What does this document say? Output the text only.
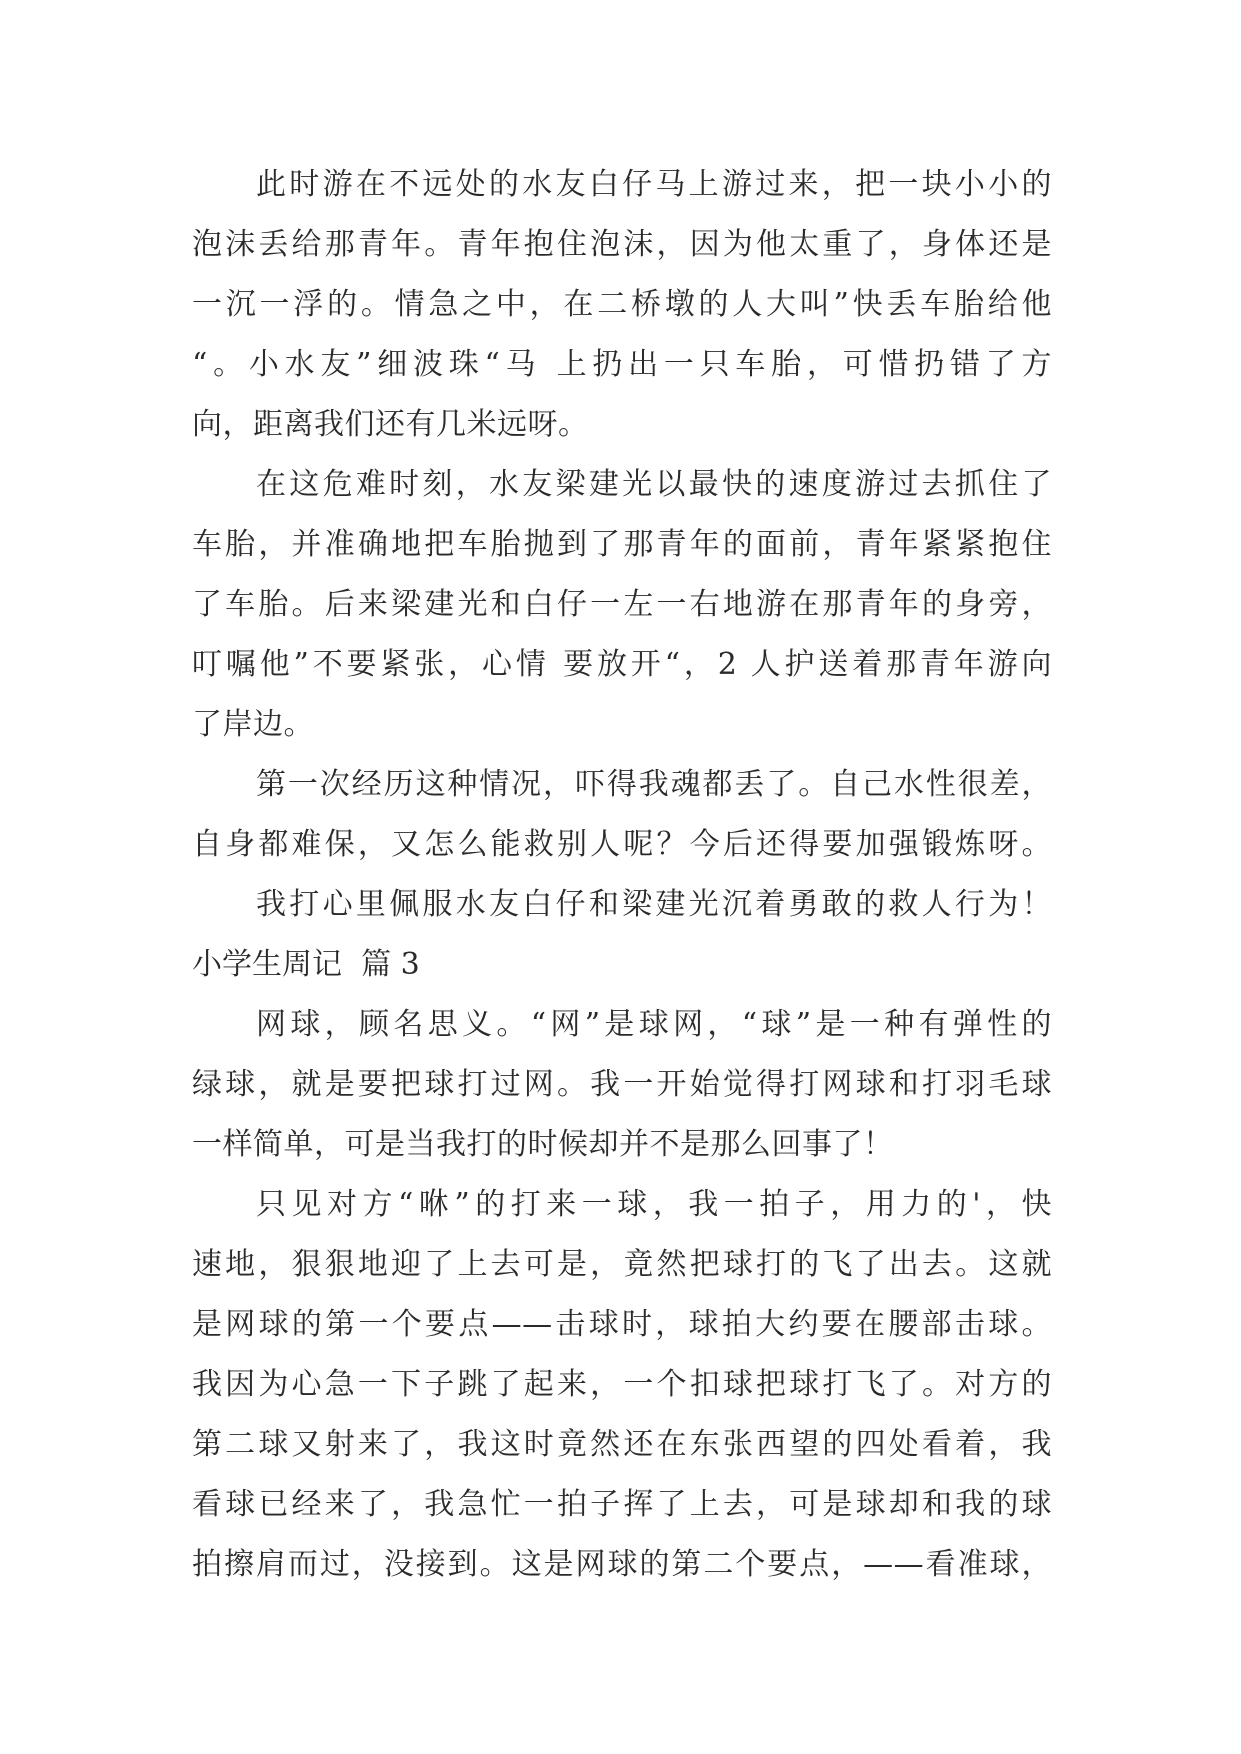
此时游在不远处的水友白仔马上游过来，把一块小小的
泡沫丢给那青年。青年抱住泡沫，因为他太重了，身体还是
一沉一浮的。情急之中，在二桥墩的人大叫”快丢车胎给他
“。小水友”细波珠“马 上扔出一只车胎，可惜扔错了方
向，距离我们还有几米远呀。
在这危难时刻，水友梁建光以最快的速度游过去抓住了
车胎，并准确地把车胎抛到了那青年的面前，青年紧紧抱住
了车胎。后来梁建光和白仔一左一右地游在那青年的身旁，
叮嘱他”不要紧张，心情 要放开“，2 人护送着那青年游向
了岸边。
第一次经历这种情况，吓得我魂都丢了。自己水性很差，
自身都难保，又怎么能救别人呢？今后还得要加强锻炼呀。
我打心里佩服水友白仔和梁建光沉着勇敢的救人行为！
小学生周记  篇 3
网球，顾名思义。“网”是球网，“球”是一种有弹性的
绿球，就是要把球打过网。我一开始觉得打网球和打羽毛球
一样简单，可是当我打的时候却并不是那么回事了！
只见对方“咻”的打来一球，我一拍子，用力的'，快
速地，狠狠地迎了上去可是，竟然把球打的飞了出去。这就
是网球的第一个要点——击球时，球拍大约要在腰部击球。
我因为心急一下子跳了起来，一个扣球把球打飞了。对方的
第二球又射来了，我这时竟然还在东张西望的四处看着，我
看球已经来了，我急忙一拍子挥了上去，可是球却和我的球
拍擦肩而过，没接到。这是网球的第二个要点，——看准球，
